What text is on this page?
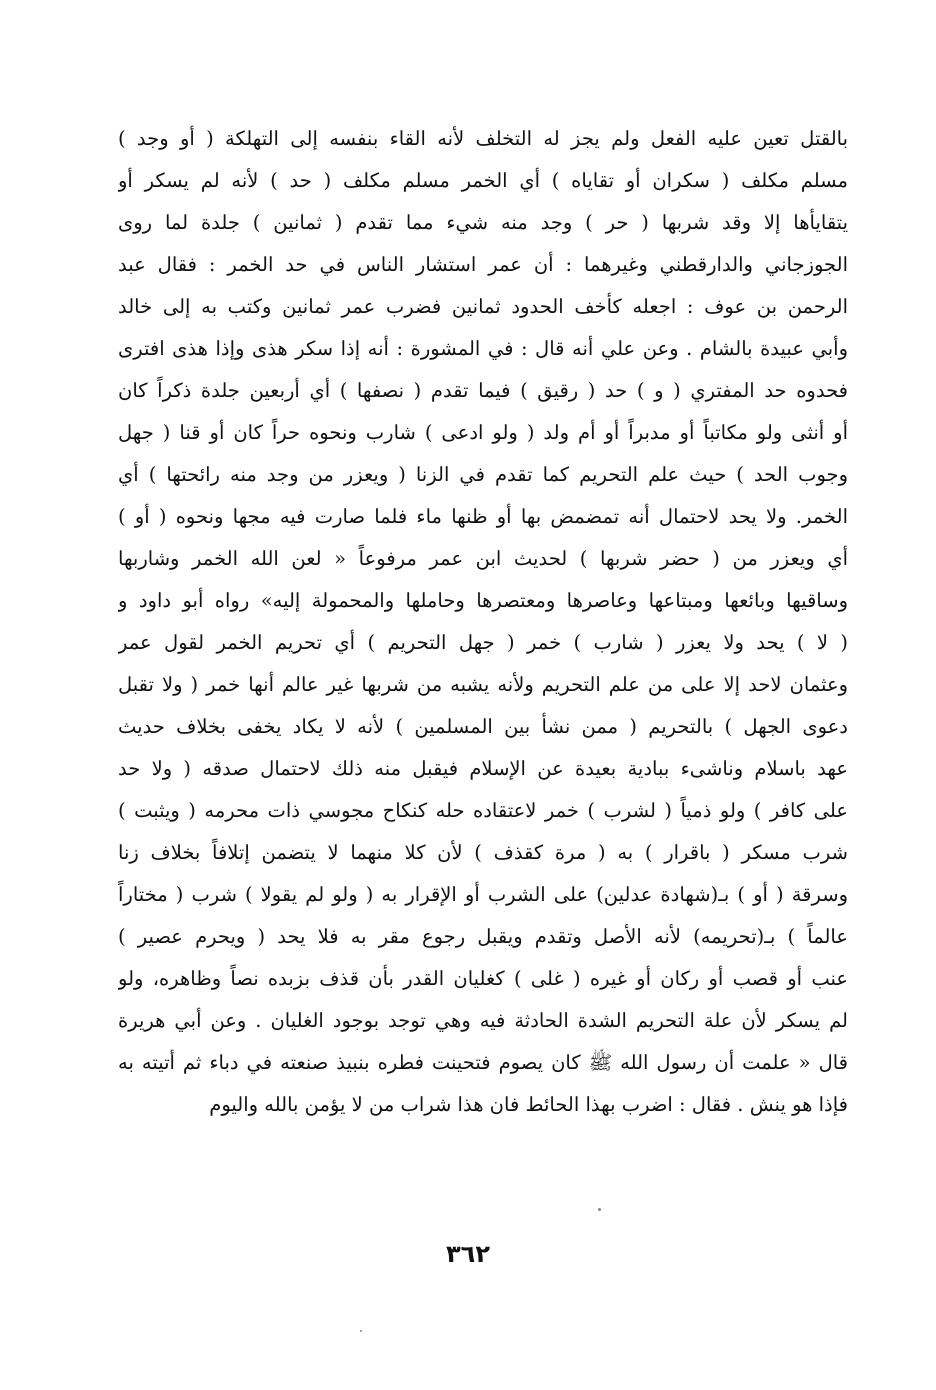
بالقتل تعين عليه الفعل ولم يجز له التخلف لأنه القاء بنفسه إلى التهلكة ( أو وجد )
مسلم مكلف ( سكران أو تقاياه ) أي الخمر مسلم مكلف ( حد ) لأنه لم يسكر أو
يتقايأها إلا وقد شربها ( حر ) وجد منه شيء مما تقدم ( ثمانين ) جلدة لما روى
الجوزجاني والدارقطني وغيرهما : أن عمر استشار الناس في حد الخمر : فقال عبد
الرحمن بن عوف : اجعله كأخف الحدود ثمانين فضرب عمر ثمانين وكتب به إلى خالد
وأبي عبيدة بالشام . وعن علي أنه قال : في المشورة : أنه إذا سكر هذى وإذا هذى افترى
فحدوه حد المفتري ( و ) حد ( رقيق ) فيما تقدم ( نصفها ) أي أربعين جلدة ذكراً كان
أو أنثى ولو مكاتباً أو مدبراً أو أم ولد ( ولو ادعى ) شارب ونحوه حراً كان أو قنا ( جهل
وجوب الحد ) حيث علم التحريم كما تقدم في الزنا ( ويعزر من وجد منه رائحتها ) أي
الخمر. ولا يحد لاحتمال أنه تمضمض بها أو ظنها ماء فلما صارت فيه مجها ونحوه ( أو )
أي ويعزر من ( حضر شربها ) لحديث ابن عمر مرفوعاً « لعن الله الخمر وشاربها
وساقيها وبائعها ومبتاعها وعاصرها ومعتصرها وحاملها والمحمولة إليه» رواه أبو داود و
( لا ) يحد ولا يعزر ( شارب ) خمر ( جهل التحريم ) أي تحريم الخمر لقول عمر
وعثمان لاحد إلا على من علم التحريم ولأنه يشبه من شربها غير عالم أنها خمر ( ولا تقبل
دعوى الجهل ) بالتحريم ( ممن نشأ بين المسلمين ) لأنه لا يكاد يخفى بخلاف حديث
عهد باسلام وناشىء ببادية بعيدة عن الإسلام فيقبل منه ذلك لاحتمال صدقه ( ولا حد
على كافر ) ولو ذمياً ( لشرب ) خمر لاعتقاده حله كنكاح مجوسي ذات محرمه ( ويثبت )
شرب مسكر ( باقرار ) به ( مرة كقذف ) لأن كلا منهما لا يتضمن إتلافاً بخلاف زنا
وسرقة ( أو ) بـ(شهادة عدلين) على الشرب أو الإقرار به ( ولو لم يقولا ) شرب ( مختاراً
عالماً ) بـ(تحريمه) لأنه الأصل وتقدم ويقبل رجوع مقر به فلا يحد ( ويحرم عصير )
عنب أو قصب أو ركان أو غيره ( غلى ) كغليان القدر بأن قذف بزبده نصاً وظاهره، ولو
لم يسكر لأن علة التحريم الشدة الحادثة فيه وهي توجد بوجود الغليان . وعن أبي هريرة
قال « علمت أن رسول الله ﷺ كان يصوم فتحينت فطره بنبيذ صنعته في دباء ثم أتيته به
فإذا هو ينش . فقال : اضرب بهذا الحائط فان هذا شراب من لا يؤمن بالله واليوم
٣٦٢
